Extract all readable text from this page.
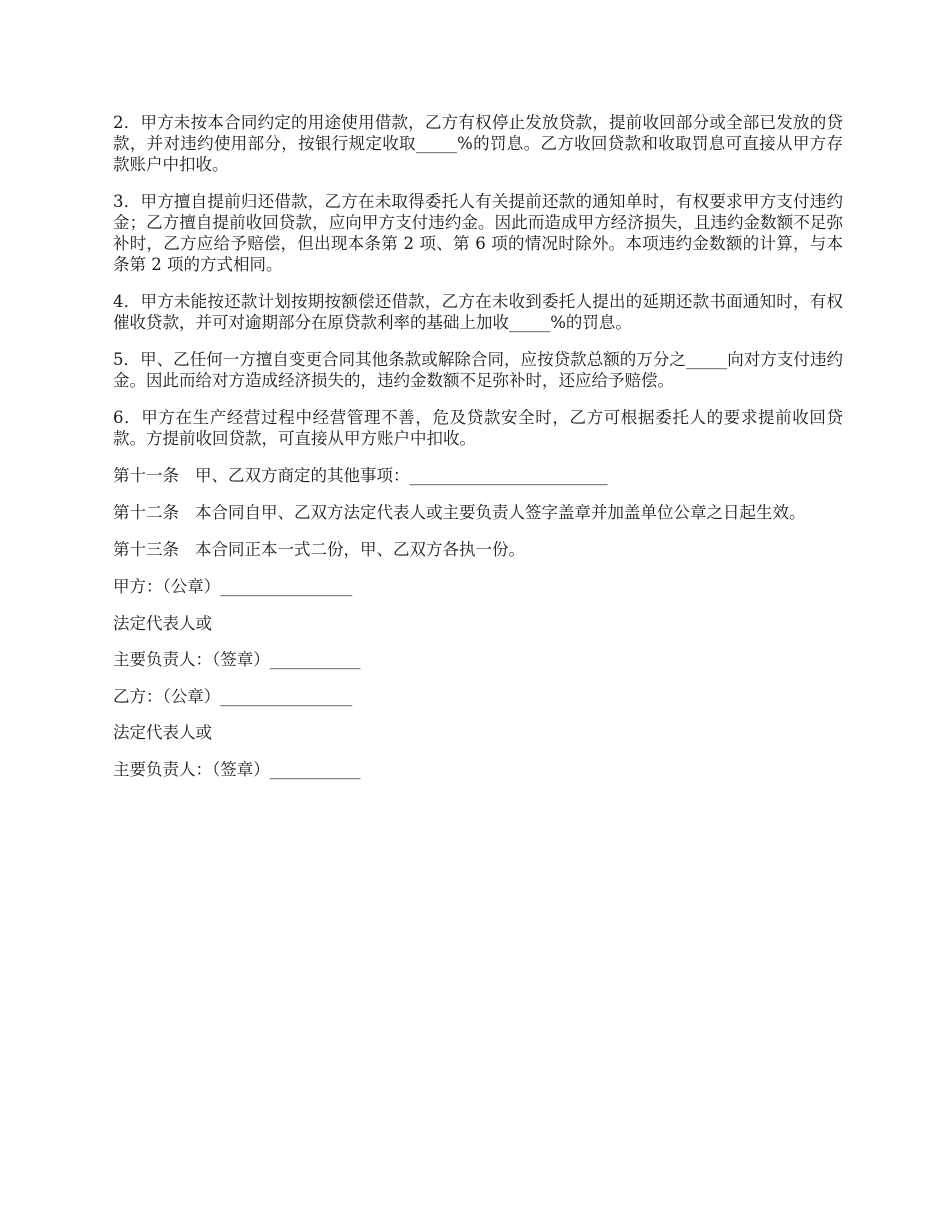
2．甲方未按本合同约定的用途使用借款，乙方有权停止发放贷款，提前收回部分或全部已发放的贷款，并对违约使用部分，按银行规定收取_____%的罚息。乙方收回贷款和收取罚息可直接从甲方存款账户中扣收。

3．甲方擅自提前归还借款，乙方在未取得委托人有关提前还款的通知单时，有权要求甲方支付违约金；乙方擅自提前收回贷款，应向甲方支付违约金。因此而造成甲方经济损失，且违约金数额不足弥补时，乙方应给予赔偿，但出现本条第 2 项、第 6 项的情况时除外。本项违约金数额的计算，与本条第 2 项的方式相同。

4．甲方未能按还款计划按期按额偿还借款，乙方在未收到委托人提出的延期还款书面通知时，有权催收贷款，并可对逾期部分在原贷款利率的基础上加收_____%的罚息。

5．甲、乙任何一方擅自变更合同其他条款或解除合同，应按贷款总额的万分之_____向对方支付违约金。因此而给对方造成经济损失的，违约金数额不足弥补时，还应给予赔偿。

6．甲方在生产经营过程中经营管理不善，危及贷款安全时，乙方可根据委托人的要求提前收回贷款。方提前收回贷款，可直接从甲方账户中扣收。

第十一条 甲、乙双方商定的其他事项：________________________

第十二条 本合同自甲、乙双方法定代表人或主要负责人签字盖章并加盖单位公章之日起生效。

第十三条 本合同正本一式二份，甲、乙双方各执一份。

甲方：（公章）________________

法定代表人或

主要负责人：（签章）___________

乙方：（公章）________________

法定代表人或

主要负责人：（签章）___________
